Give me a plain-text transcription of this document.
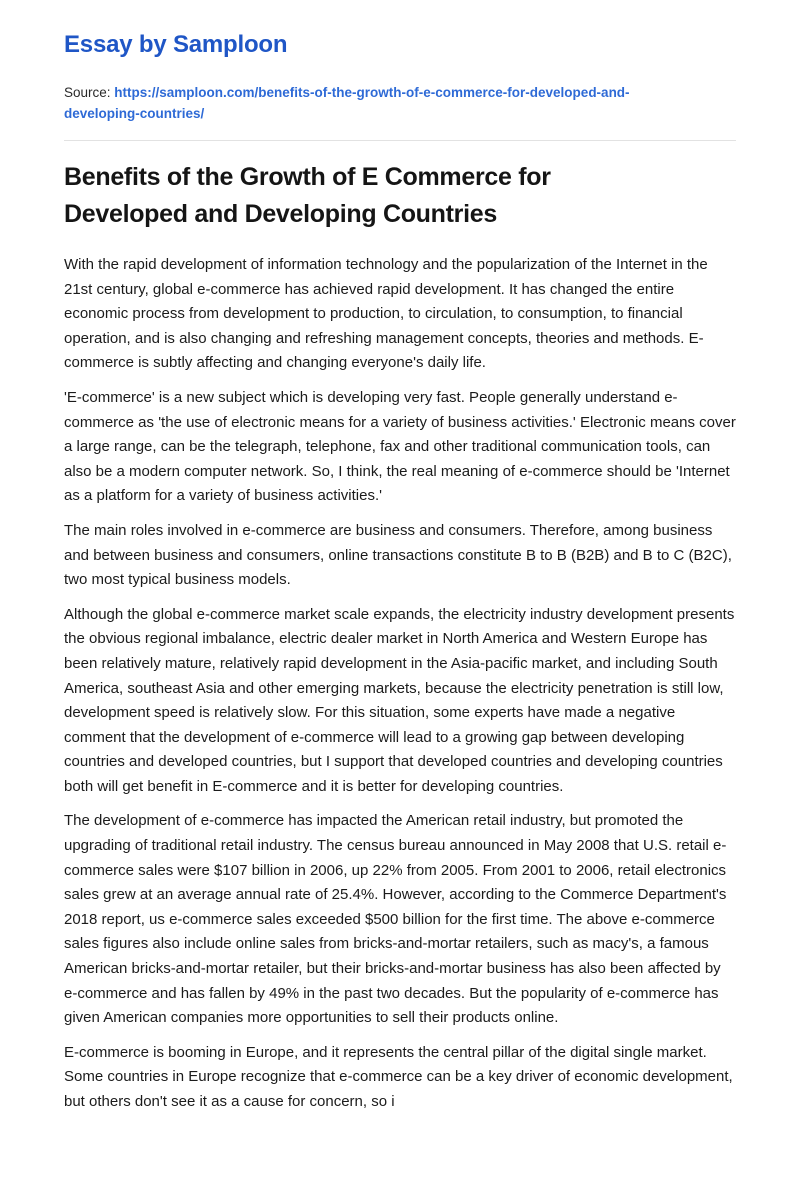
Essay by Samploon
Source: https://samploon.com/benefits-of-the-growth-of-e-commerce-for-developed-and-developing-countries/
Benefits of the Growth of E Commerce for Developed and Developing Countries

With the rapid development of information technology and the popularization of the Internet in the 21st century, global e-commerce has achieved rapid development. It has changed the entire economic process from development to production, to circulation, to consumption, to financial operation, and is also changing and refreshing management concepts, theories and methods. E-commerce is subtly affecting and changing everyone's daily life.

'E-commerce' is a new subject which is developing very fast. People generally understand e-commerce as 'the use of electronic means for a variety of business activities.' Electronic means cover a large range, can be the telegraph, telephone, fax and other traditional communication tools, can also be a modern computer network. So, I think, the real meaning of e-commerce should be 'Internet as a platform for a variety of business activities.'

The main roles involved in e-commerce are business and consumers. Therefore, among business and between business and consumers, online transactions constitute B to B (B2B) and B to C (B2C), two most typical business models.

Although the global e-commerce market scale expands, the electricity industry development presents the obvious regional imbalance, electric dealer market in North America and Western Europe has been relatively mature, relatively rapid development in the Asia-pacific market, and including South America, southeast Asia and other emerging markets, because the electricity penetration is still low, development speed is relatively slow. For this situation, some experts have made a negative comment that the development of e-commerce will lead to a growing gap between developing countries and developed countries, but I support that developed countries and developing countries both will get benefit in E-commerce and it is better for developing countries.

The development of e-commerce has impacted the American retail industry, but promoted the upgrading of traditional retail industry. The census bureau announced in May 2008 that U.S. retail e-commerce sales were $107 billion in 2006, up 22% from 2005. From 2001 to 2006, retail electronics sales grew at an average annual rate of 25.4%. However, according to the Commerce Department's 2018 report, us e-commerce sales exceeded $500 billion for the first time. The above e-commerce sales figures also include online sales from bricks-and-mortar retailers, such as macy's, a famous American bricks-and-mortar retailer, but their bricks-and-mortar business has also been affected by e-commerce and has fallen by 49% in the past two decades. But the popularity of e-commerce has given American companies more opportunities to sell their products online.

E-commerce is booming in Europe, and it represents the central pillar of the digital single market. Some countries in Europe recognize that e-commerce can be a key driver of economic development, but others don't see it as a cause for concern, so i
